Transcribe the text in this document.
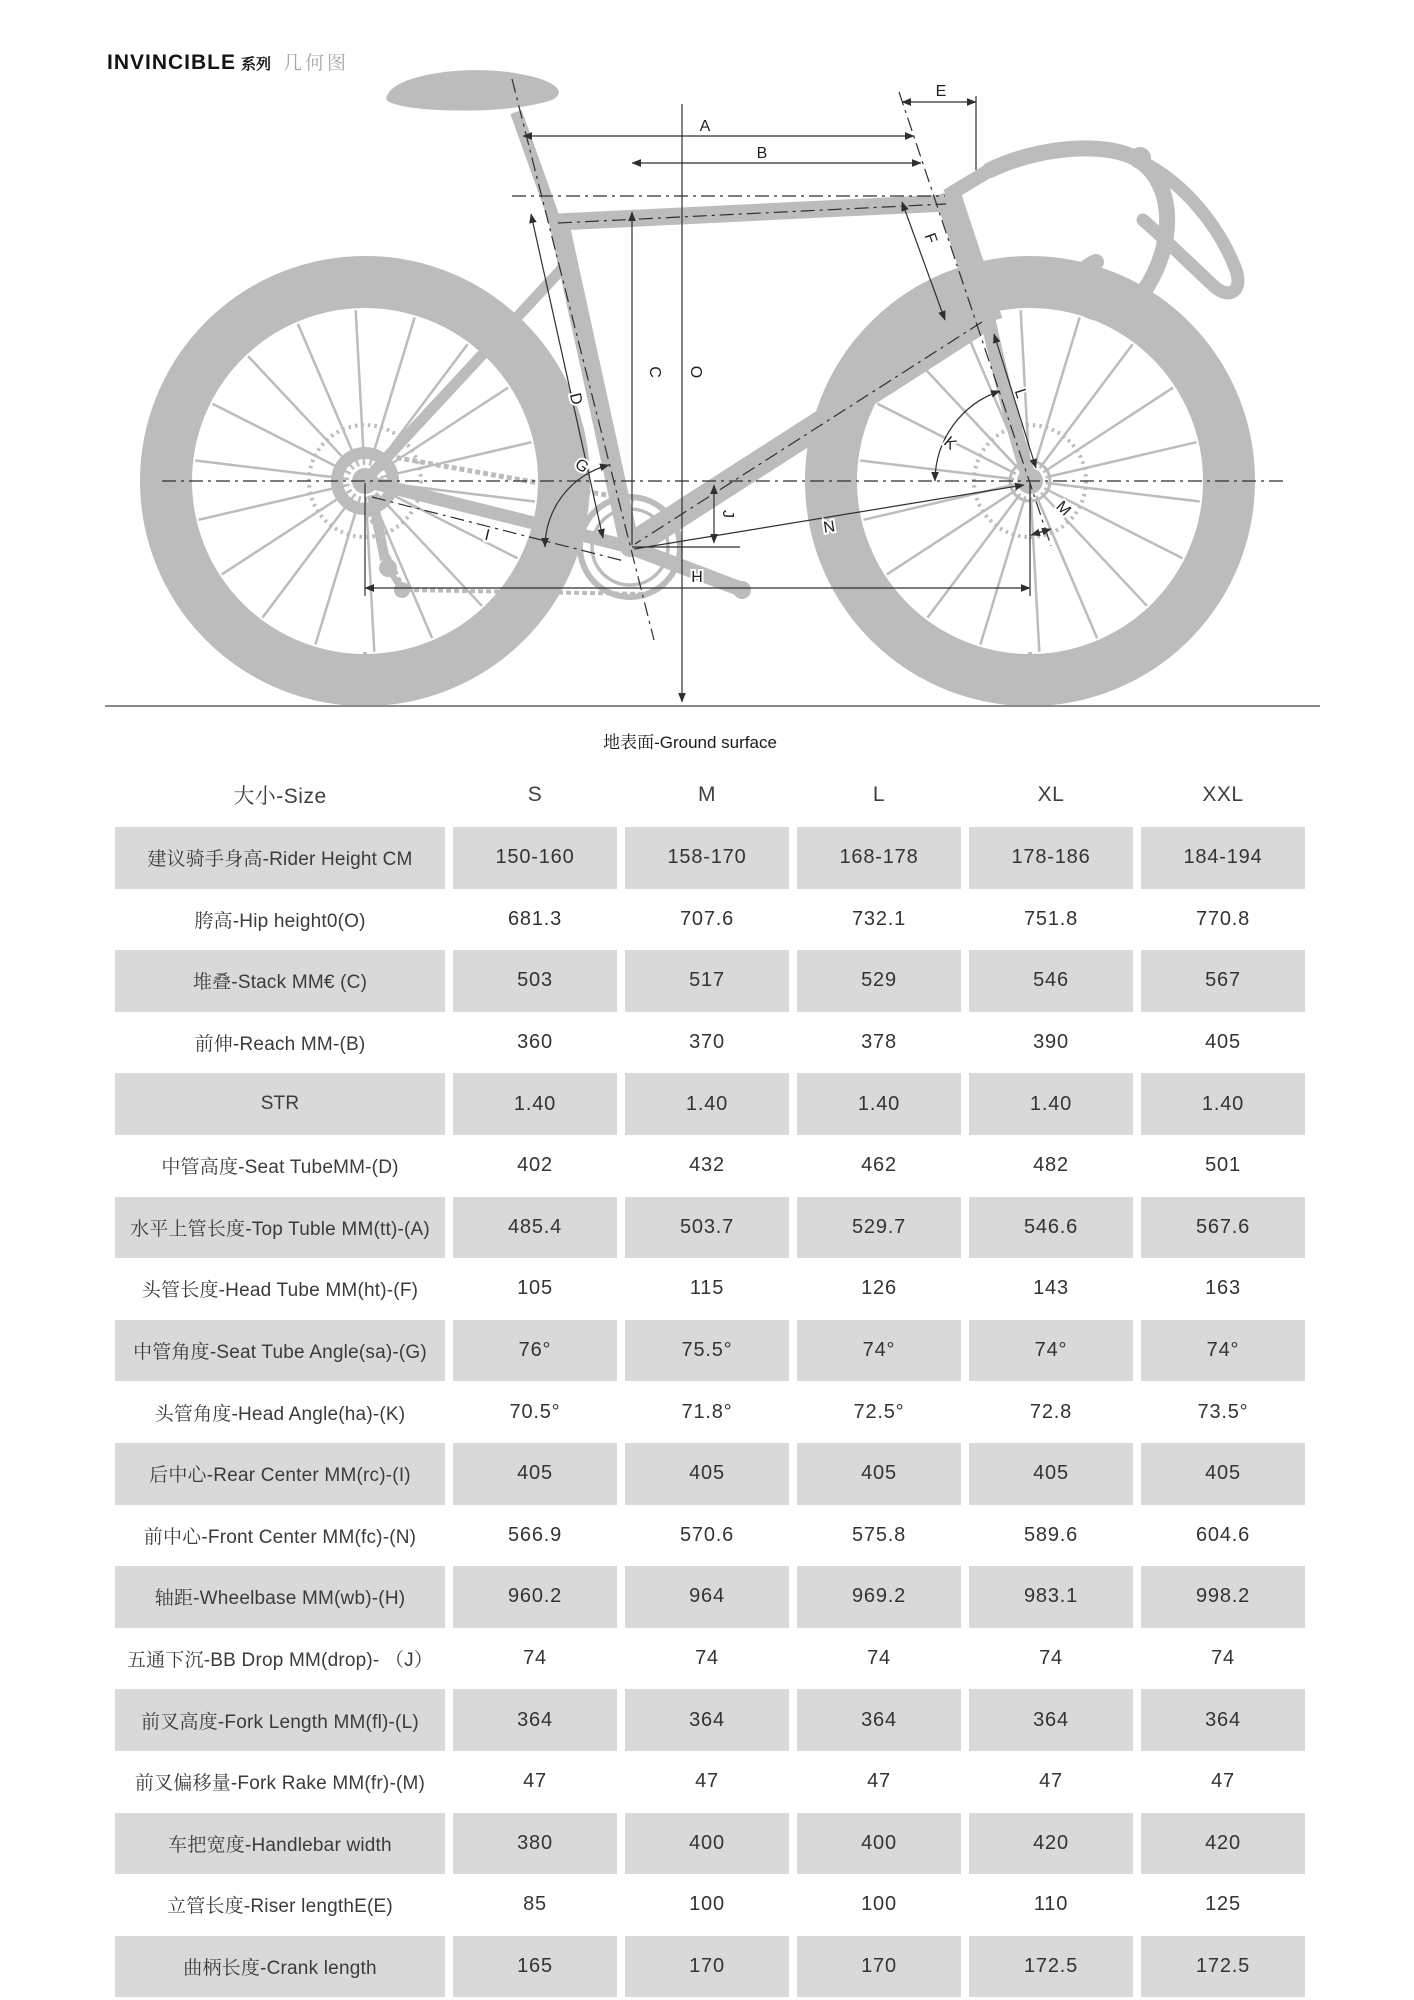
INVINCIBLE 系列 几何图
A
B
E
C O
D
G
F
K
L
M
N
I
J
H
地表面-Ground surface
大小-Size	S	M	L	XL	XXL
建议骑手身高-Rider Height CM	150-160	158-170	168-178	178-186	184-194
胯高-Hip height0(O)	681.3	707.6	732.1	751.8	770.8
堆叠-Stack MM€ (C)	503	517	529	546	567
前伸-Reach MM-(B)	360	370	378	390	405
STR	1.40	1.40	1.40	1.40	1.40
中管高度-Seat TubeMM-(D)	402	432	462	482	501
水平上管长度-Top Tuble MM(tt)-(A)	485.4	503.7	529.7	546.6	567.6
头管长度-Head Tube MM(ht)-(F)	105	115	126	143	163
中管角度-Seat Tube Angle(sa)-(G)	76°	75.5°	74°	74°	74°
头管角度-Head Angle(ha)-(K)	70.5°	71.8°	72.5°	72.8	73.5°
后中心-Rear Center MM(rc)-(I)	405	405	405	405	405
前中心-Front Center MM(fc)-(N)	566.9	570.6	575.8	589.6	604.6
轴距-Wheelbase MM(wb)-(H)	960.2	964	969.2	983.1	998.2
五通下沉-BB Drop MM(drop)- （J）	74	74	74	74	74
前叉高度-Fork Length MM(fl)-(L)	364	364	364	364	364
前叉偏移量-Fork Rake MM(fr)-(M)	47	47	47	47	47
车把宽度-Handlebar width	380	400	400	420	420
立管长度-Riser lengthE(E)	85	100	100	110	125
曲柄长度-Crank length	165	170	170	172.5	172.5
